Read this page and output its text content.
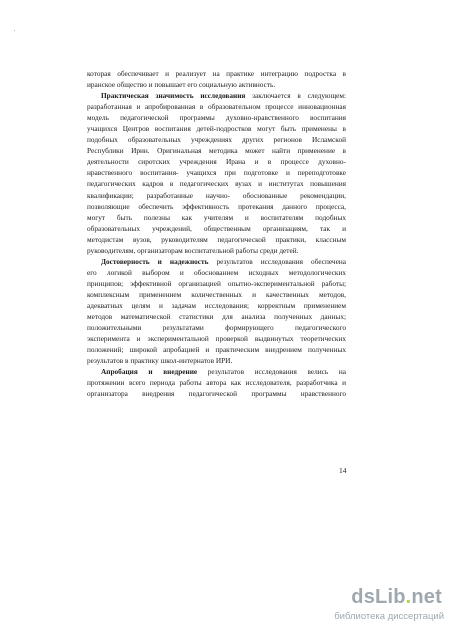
'
которая обеспечивает и реализует на практике интеграцию подростка в
иранское общество и повышает его социальную активность.
Практическая значимость исследования заключается в следующем:
разработанная и апробированная в образовательном процессе инновационная
модель педагогической программы духовно-нравственного воспитания
учащихся Центров воспитания детей-подростков могут быть применены в
подобных образовательных учреждениях других регионов Исламской
Республики Ирин. Оригинальная методика может найти применение в
деятельности сиротских учреждения Ирана и в процессе духовно-
нравственного воспитания- учащихся при подготовке и переподготовке
педагогических кадров в педагогических вузах и институтах повышения
квалификации; разработанные научно- обоснованные рекомендации,
позволяющие обеспечить эффективность протекания данного процесса,
могут быть полезны как учителям и воспитателям подобных
образовательных учреждений, общественным организациям, так и
методистам вузов, руководителям педагогической практики, классным
руководителям, организаторам воспитательной работы среди детей.
Достоверность и надежность результатов исследования обеспечена
его логикой выбором и обоснованием исходных методологических
принципов; эффективной организацией опытно-экспериментальной работы;
комплексным применением количественных и качественных методов,
адекватных целям и задачам исследования; корректным применением
методов математической статистики для анализа полученных данных;
положительными результатами формирующего педагогического
эксперимента и экспериментальной проверкой выдвинутых теоретических
положений; широкой апробацией и практическим внедрением полученных
результатов в практику школ-интернатов ИРИ.
Апробация и внедрение результатов исследования велись на
протяжении всего периода работы автора как исследователя, разработчика и
организатора внедрения педагогической программы нравственного
14
dsLib.net
библиотека диссертаций
